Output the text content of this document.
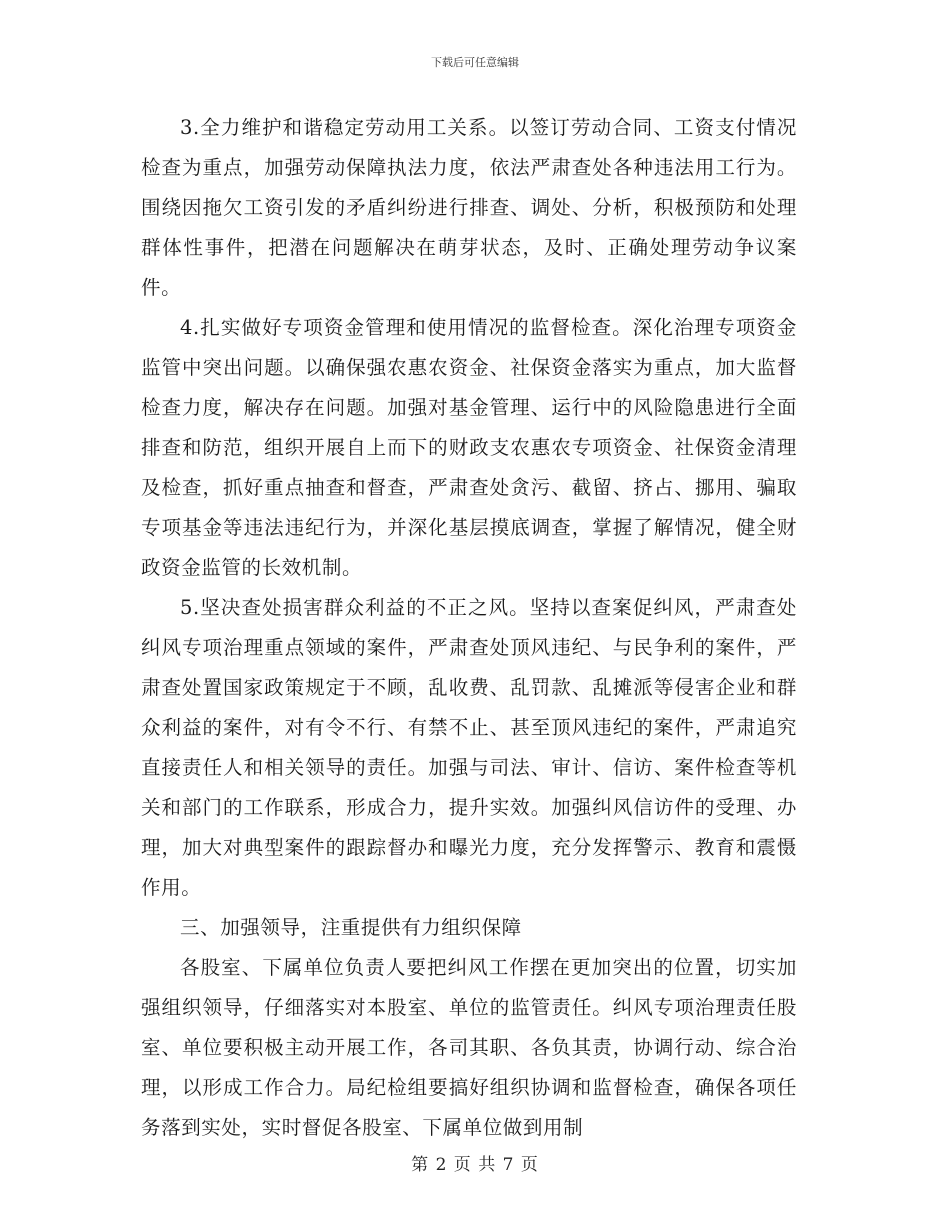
下载后可任意编辑

3.全力维护和谐稳定劳动用工关系。以签订劳动合同、工资支付情况检查为重点，加强劳动保障执法力度，依法严肃查处各种违法用工行为。围绕因拖欠工资引发的矛盾纠纷进行排查、调处、分析，积极预防和处理群体性事件，把潜在问题解决在萌芽状态，及时、正确处理劳动争议案件。

4.扎实做好专项资金管理和使用情况的监督检查。深化治理专项资金监管中突出问题。以确保强农惠农资金、社保资金落实为重点，加大监督检查力度，解决存在问题。加强对基金管理、运行中的风险隐患进行全面排查和防范，组织开展自上而下的财政支农惠农专项资金、社保资金清理及检查，抓好重点抽查和督查，严肃查处贪污、截留、挤占、挪用、骗取专项基金等违法违纪行为，并深化基层摸底调查，掌握了解情况，健全财政资金监管的长效机制。

5.坚决查处损害群众利益的不正之风。坚持以查案促纠风，严肃查处纠风专项治理重点领域的案件，严肃查处顶风违纪、与民争利的案件，严肃查处置国家政策规定于不顾，乱收费、乱罚款、乱摊派等侵害企业和群众利益的案件，对有令不行、有禁不止、甚至顶风违纪的案件，严肃追究直接责任人和相关领导的责任。加强与司法、审计、信访、案件检查等机关和部门的工作联系，形成合力，提升实效。加强纠风信访件的受理、办理，加大对典型案件的跟踪督办和曝光力度，充分发挥警示、教育和震慑作用。

三、加强领导，注重提供有力组织保障

各股室、下属单位负责人要把纠风工作摆在更加突出的位置，切实加强组织领导，仔细落实对本股室、单位的监管责任。纠风专项治理责任股室、单位要积极主动开展工作，各司其职、各负其责，协调行动、综合治理，以形成工作合力。局纪检组要搞好组织协调和监督检查，确保各项任务落到实处，实时督促各股室、下属单位做到用制

第 2 页 共 7 页
